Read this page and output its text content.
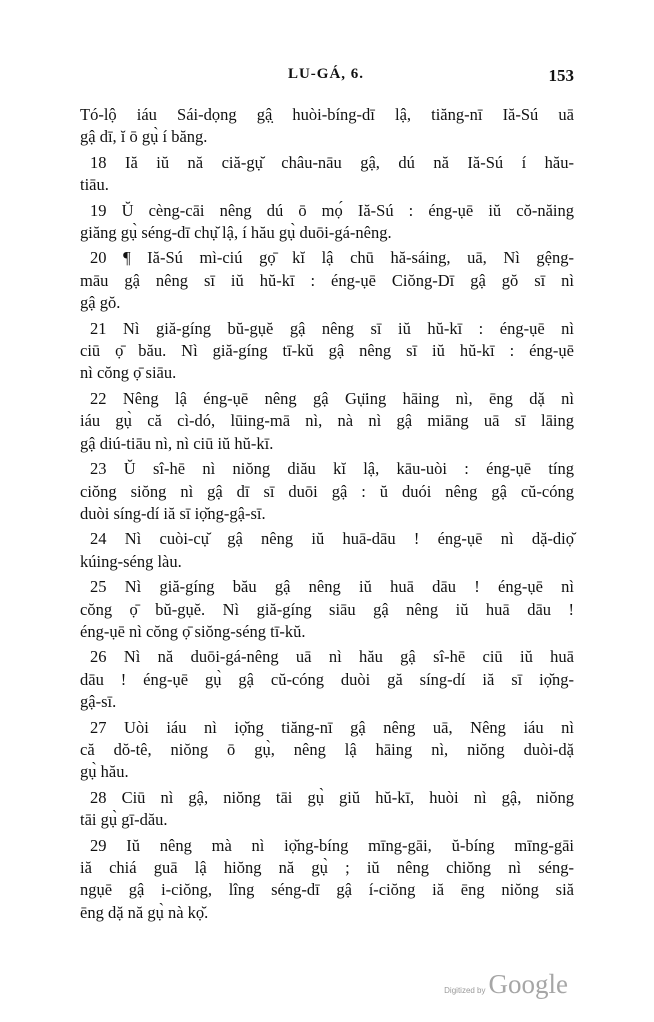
LU-GÁ, 6.	153
Tó-lộ iáu Sái-dọng gậ̣ huòi-bíng-dī lậ, tiăng-nī Iă-Sú uā
gậ dī, ĭ ō gụ̀ í băng.
18 Iă iŭ nă ciă-gụ̆ châu-nāu gậ, dú nă Iă-Sú í hău-
tiāu.
19 Ŭ cèng-cāi nêng dú ō mọ́ Iă-Sú : éng-ụē iŭ cŏ-năing
giăng gụ̀ séng-dī chụ̆ lậ, í hău gụ̀ duōi-gá-nêng.
20 ¶ Iă-Sú mì-ciú gọ̄ kĭ lậ chū hă-sáing, uā, Nì gệng-
māu gậ nêng sī iŭ hŭ-kī : éng-ụē Ciŏng-Dī gậ gŏ sī nì
gậ gŏ.
21 Nì giă-gíng bŭ-gụĕ gậ nêng sī iŭ hŭ-kī : éng-ụē nì
ciū ọ̄ bău. Nì giă-gíng tī-kŭ gậ nêng sī iŭ hŭ-kī : éng-ụē
nì cŏng ọ̄ siāu.
22 Nêng lậ éng-ụē nêng gậ Gụ̈ing hāing nì, ēng dặ nì
iáu gụ̀ că cì-dó, lūing-mā nì, nà nì gậ miāng uā sī lāing
gậ diú-tiāu nì, nì ciū iŭ hŭ-kī.
23 Ŭ sî-hē nì niŏng diău kĭ lậ, kāu-uòi : éng-ụē tíng
ciŏng siŏng nì gậ dī sī duōi gậ : ŭ duói nêng gậ cŭ-cóng
duòi síng-dí iă sī iọ̆ng-gậ-sī.
24 Nì cuòi-cụ̆ gậ nêng iŭ huā-dāu ! éng-ụē nì dặ-diọ̆
kúing-séng làu.
25 Nì giă-gíng bău gậ nêng iŭ huā dāu ! éng-ụē nì
cŏng ọ̄ bŭ-gụĕ. Nì giă-gíng siāu gậ nêng iŭ huā dāu !
éng-ụē nì cŏng ọ̄ siŏng-séng tī-kŭ.
26 Nì nă duōi-gá-nêng uā nì hău gậ sî-hē ciū iŭ huā
dāu ! éng-ụē gụ̀ gậ cŭ-cóng duòi gă síng-dí iă sī iọ̆ng-
gậ-sī.
27 Uòi iáu nì iọ̆ng tiăng-nī gậ nêng uā, Nêng iáu nì
că dŏ-tê, niŏng ō gụ̀, nêng lậ hāing nì, niŏng duòi-dặ
gụ̀ hău.
28 Ciū nì gậ, niŏng tāi gụ̀ giŭ hŭ-kī, huòi nì gậ, niŏng
tāi gụ̀ gī-dău.
29 Iŭ nêng mà nì iọ̆ng-bíng mīng-gāi, ŭ-bíng mīng-gāi
iă chiá guā lậ hiŏng nă gụ̀ ; iŭ nêng chiŏng nì séng-
ngụē gậ i-ciŏng, lîng séng-dī gậ í-ciŏng iă ēng niŏng siă
ēng dặ nă gụ̀ nà kọ̆.
Digitized by Google
